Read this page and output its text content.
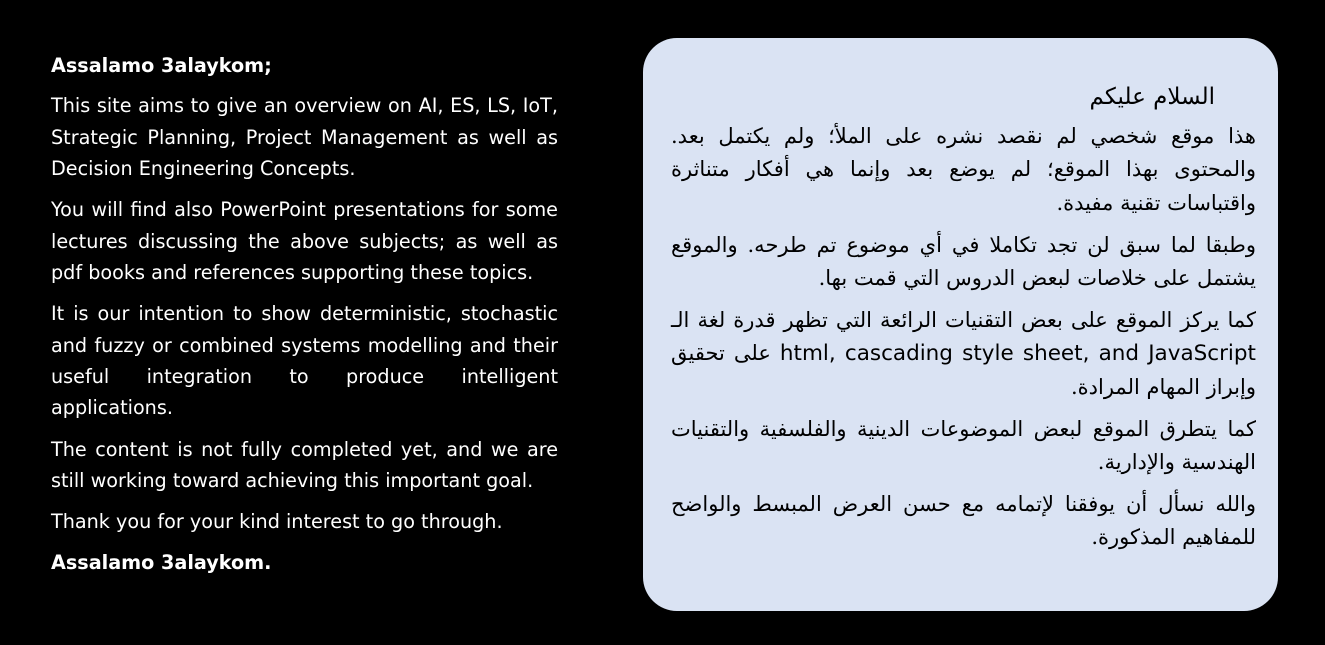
Assalamo 3alaykom;

This site aims to give an overview on AI, ES, LS, IoT, Strategic Planning, Project Management as well as Decision Engineering Concepts.

You will find also PowerPoint presentations for some lectures discussing the above subjects; as well as pdf books and references supporting these topics.

It is our intention to show deterministic, stochastic and fuzzy or combined systems modelling and their useful integration to produce intelligent applications.

The content is not fully completed yet, and we are still working toward achieving this important goal.

Thank you for your kind interest to go through.

Assalamo 3alaykom.

السلام عليكم

هذا موقع شخصي لم نقصد نشره على الملأ؛ ولم يكتمل بعد. والمحتوى بهذا الموقع؛ لم يوضع بعد وإنما هي أفكار متناثرة واقتباسات تقنية مفيدة.

وطبقا لما سبق لن تجد تكاملا في أي موضوع تم طرحه. والموقع يشتمل على خلاصات لبعض الدروس التي قمت بها.

كما يركز الموقع على بعض التقنيات الرائعة التي تظهر قدرة لغة الـ html, cascading style sheet, and JavaScript على تحقيق وإبراز المهام المرادة.

كما يتطرق الموقع لبعض الموضوعات الدينية والفلسفية والتقنيات الهندسية والإدارية.

والله نسأل أن يوفقنا لإتمامه مع حسن العرض المبسط والواضح للمفاهيم المذكورة.
